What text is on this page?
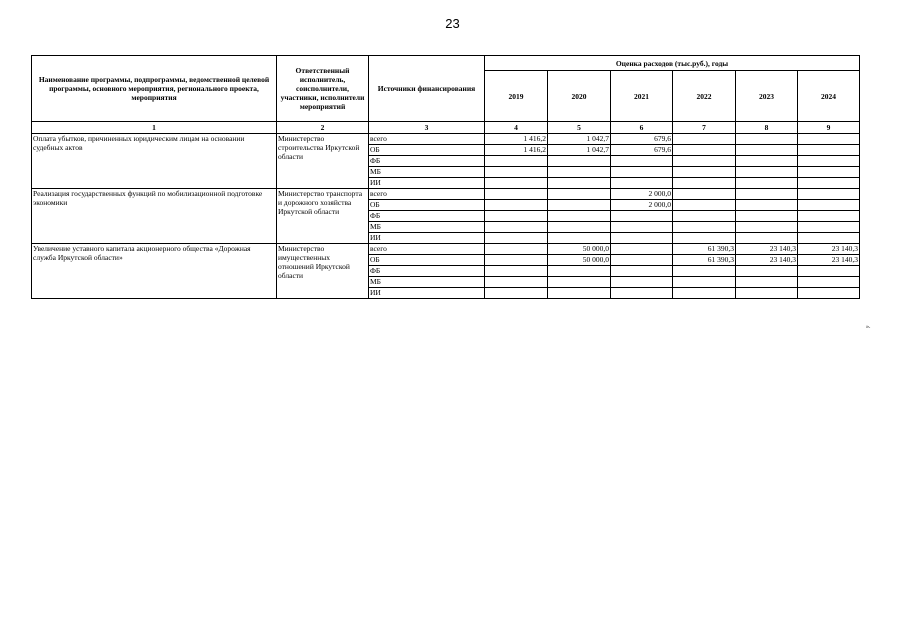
23
Наименование программы, подпрограммы, ведомственной целевой программы, основного мероприятия, регионального проекта, мероприятия	Ответственный исполнитель, соисполнители, участники, исполнители мероприятий	Источники финансирования	Оценка расходов (тыс.руб.), годы					
			2019	2020	2021	2022	2023	2024
1	2	3	4	5	6	7	8	9
Оплата убытков, причиненных юридическим лицам на основании судебных актов	Министерство строительства Иркутской области	всего	1 416,2	1 042,7	679,6			
		ОБ	1 416,2	1 042,7	679,6			
		ФБ						
		МБ						
		ИИ						
Реализация государственных функций по мобилизационной подготовке экономики	Министерство транспорта и дорожного хозяйства Иркутской области	всего			2 000,0			
		ОБ			2 000,0			
		ФБ						
		МБ						
		ИИ						
Увеличение уставного капитала акционерного общества «Дорожная служба Иркутской области»	Министерство имущественных отношений Иркутской области	всего		50 000,0		61 390,3	23 140,3	23 140,3
		ОБ		50 000,0		61 390,3	23 140,3	23 140,3
		ФБ						
		МБ						
		ИИ						
».
